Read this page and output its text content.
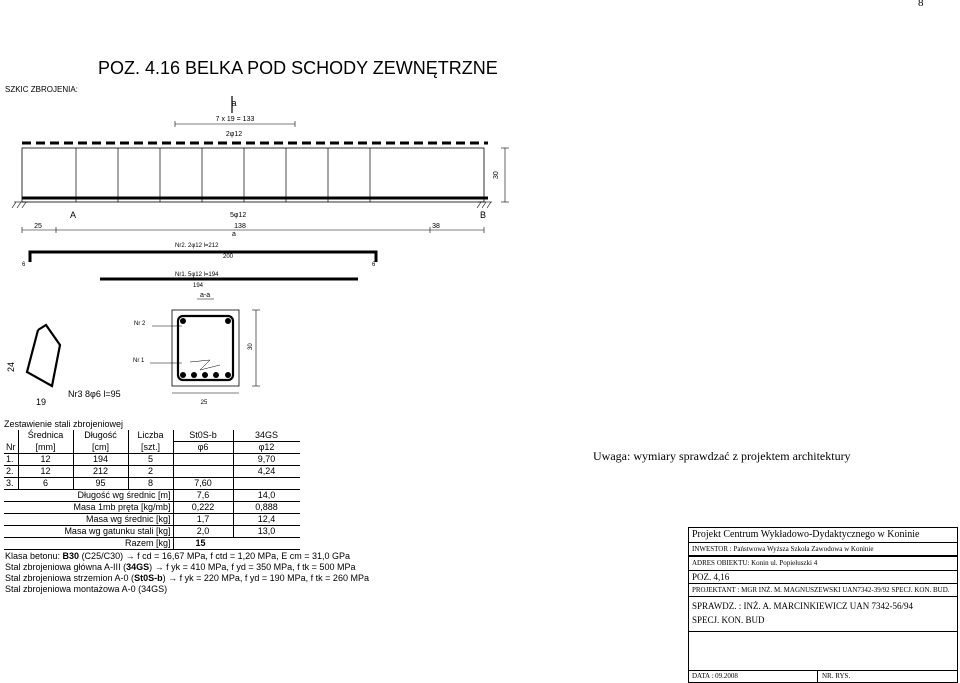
8
SZKIC ZBROJENIA:
POZ. 4.16 BELKA POD SCHODY ZEWNĘTRZNE
a
7 x 19 = 133
2φ12
30
A	B
5φ12
25	138	38
a
Nr2. 2φ12 l=212
200
6	6
Nr1. 5φ12 l=194
194
a-a
Nr 2
Nr 1
30
25
24
19
Nr3 8φ6 l=95
Zestawienie stali zbrojeniowej
	Średnica	Długość	Liczba	St0S-b	34GS
Nr	[mm]	[cm]	[szt.]	φ6	φ12
1.	12	194	5		9,70
2.	12	212	2		4,24
3.	6	95	8	7,60	
Długość wg średnic [m]				7,6	14,0
Masa 1mb pręta [kg/mb]				0,222	0,888
Masa wg średnic [kg]				1,7	12,4
Masa wg gatunku stali [kg]				2,0	13,0
Razem [kg]				15	
Klasa betonu: B30 (C25/C30) → f cd = 16,67 MPa, f ctd = 1,20 MPa, E cm = 31,0 GPa
Stal zbrojeniowa główna A-III (34GS) → f yk = 410 MPa, f yd = 350 MPa, f tk = 500 MPa
Stal zbrojeniowa strzemion A-0 (St0S-b) → f yk = 220 MPa, f yd = 190 MPa, f tk = 260 MPa
Stal zbrojeniowa montażowa A-0 (34GS)
Uwaga: wymiary sprawdzać z projektem architektury
Projekt Centrum Wykładowo-Dydaktycznego w Koninie
INWESTOR : Państwowa Wyższa Szkoła Zawodowa w Koninie
ADRES OBIEKTU: Konin ul. Popiełuszki 4
POZ. 4,16
PROJEKTANT : MGR INŻ. M. MAGNUSZEWSKI UAN7342-39/92 SPECJ. KON. BUD.
SPRAWDZ. : INŻ. A. MARCINKIEWICZ UAN 7342-56/94
SPECJ. KON. BUD
DATA : 09.2008	NR. RYS.
